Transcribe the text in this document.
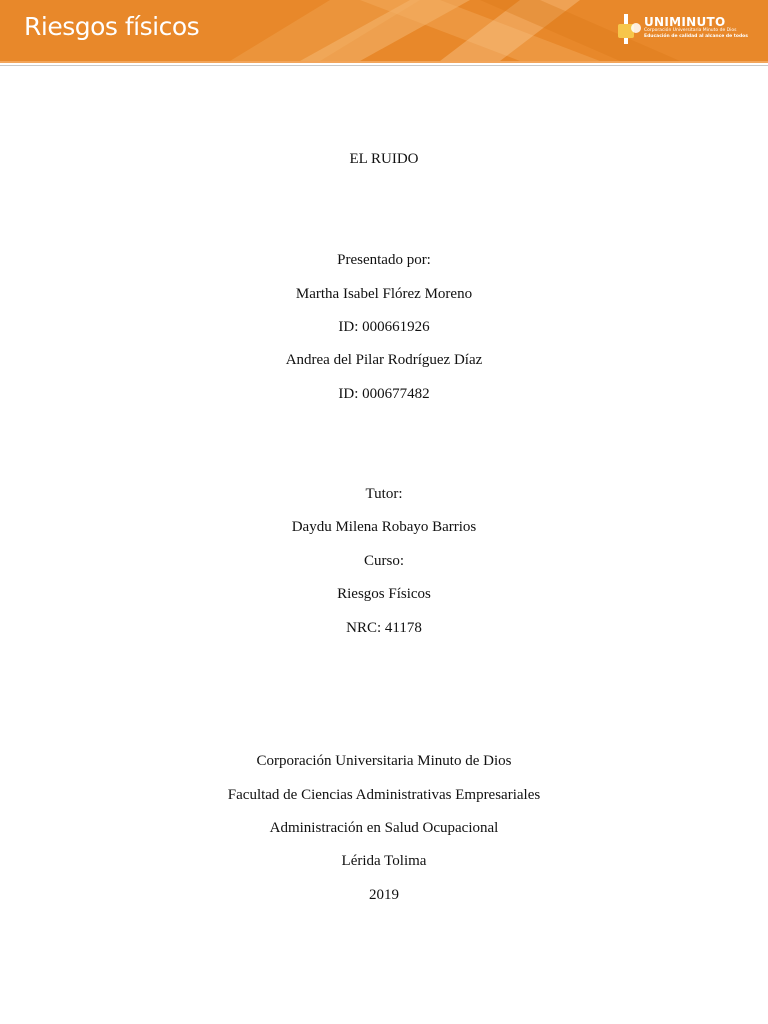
Riesgos físicos	UNIMINUTO
Corporación Universitaria Minuto de Dios
Educación de calidad al alcance de todos
EL RUIDO
Presentado por:
Martha Isabel Flórez Moreno
ID: 000661926
Andrea del Pilar Rodríguez Díaz
ID: 000677482
Tutor:
Daydu Milena Robayo Barrios
Curso:
Riesgos Físicos
NRC: 41178
Corporación Universitaria Minuto de Dios
Facultad de Ciencias Administrativas Empresariales
Administración en Salud Ocupacional
Lérida Tolima
2019
